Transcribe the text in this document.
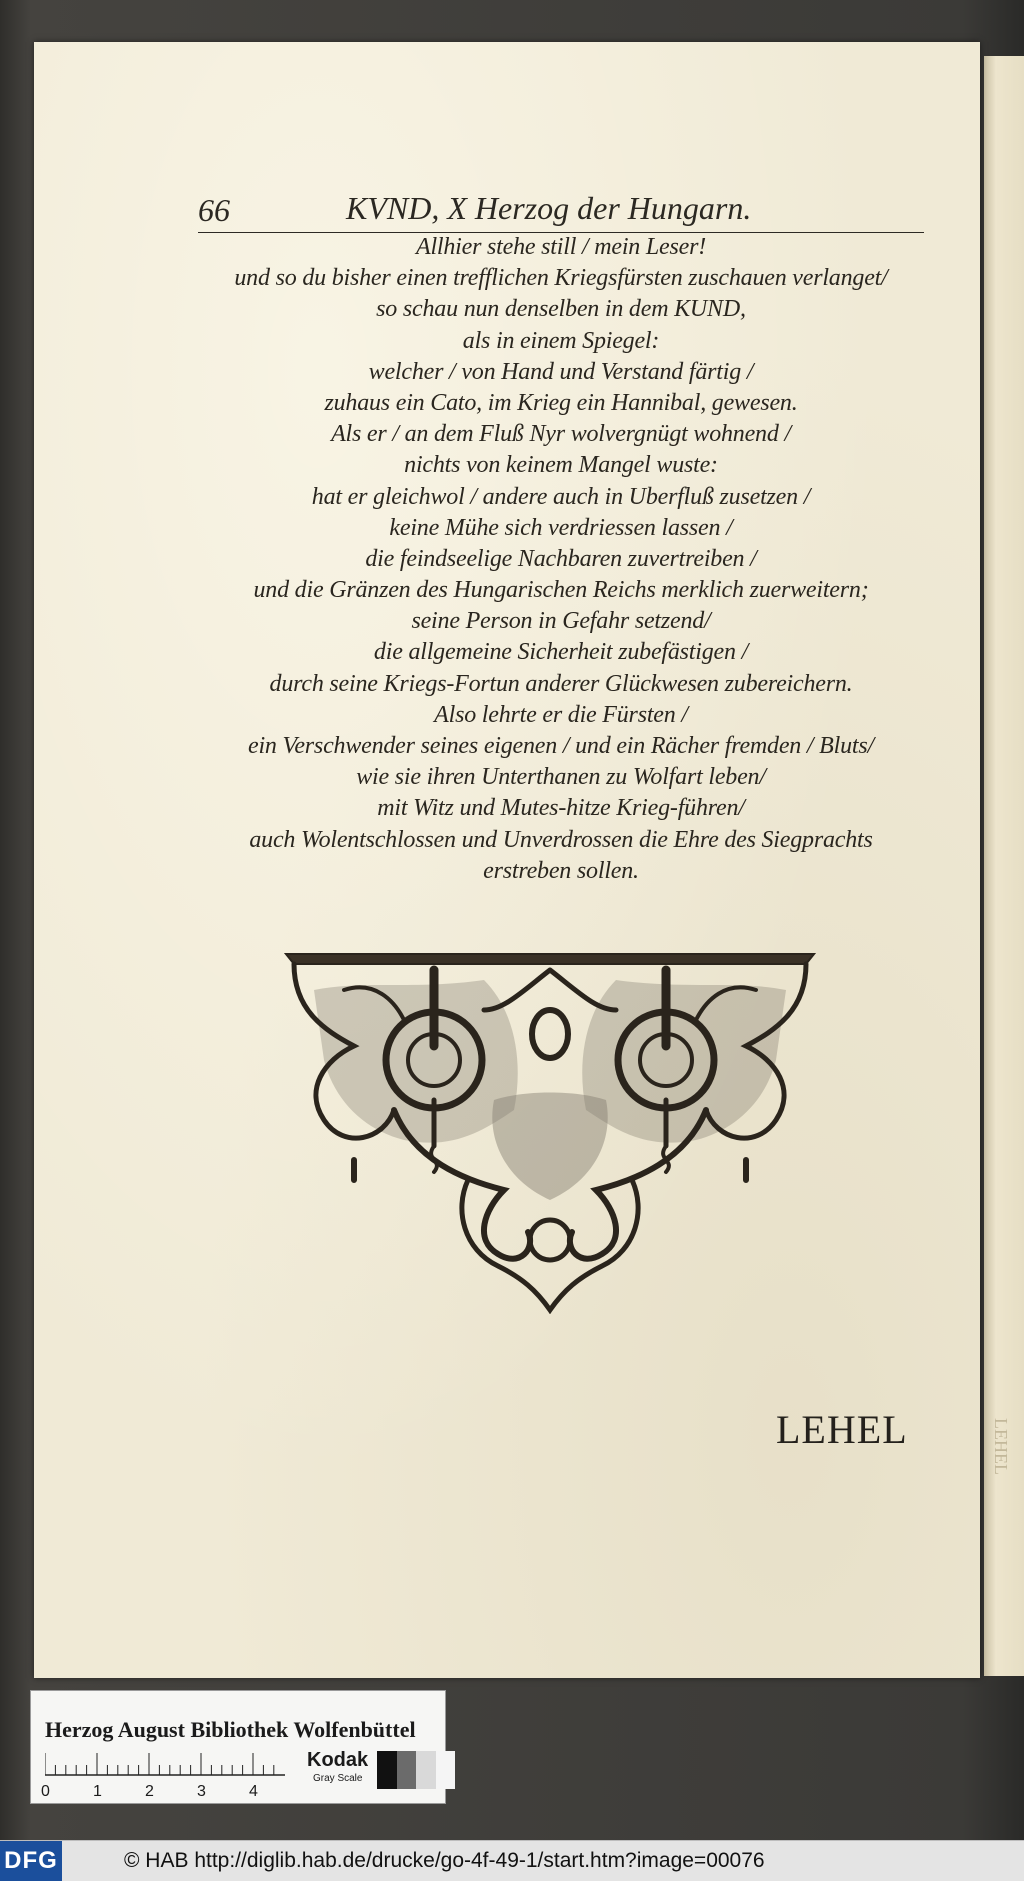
LEHEL
66	KVND, X Herzog der Hungarn.
Allhier stehe still / mein Leser!
und so du bisher einen trefflichen Kriegsfürsten zuschauen verlanget/
so schau nun denselben in dem KUND,
als in einem Spiegel:
welcher / von Hand und Verstand färtig /
zuhaus ein Cato, im Krieg ein Hannibal, gewesen.
Als er / an dem Fluß Nyr wolvergnügt wohnend /
nichts von keinem Mangel wuste:
hat er gleichwol / andere auch in Uberfluß zusetzen /
keine Mühe sich verdriessen lassen /
die feindseelige Nachbaren zuvertreiben /
und die Gränzen des Hungarischen Reichs merklich zuerweitern;
seine Person in Gefahr setzend/
die allgemeine Sicherheit zubefästigen /
durch seine Kriegs-Fortun anderer Glückwesen zubereichern.
Also lehrte er die Fürsten /
ein Verschwender seines eigenen / und ein Rächer fremden / Bluts/
wie sie ihren Unterthanen zu Wolfart leben/
mit Witz und Mutes-hitze Krieg-führen/
auch Wolentschlossen und Unverdrossen die Ehre des Siegprachts
erstreben sollen.
LEHEL
Herzog August Bibliothek Wolfenbüttel
0	1	2	3	4
Kodak
Gray Scale
DFG	© HAB http://diglib.hab.de/drucke/go-4f-49-1/start.htm?image=00076
